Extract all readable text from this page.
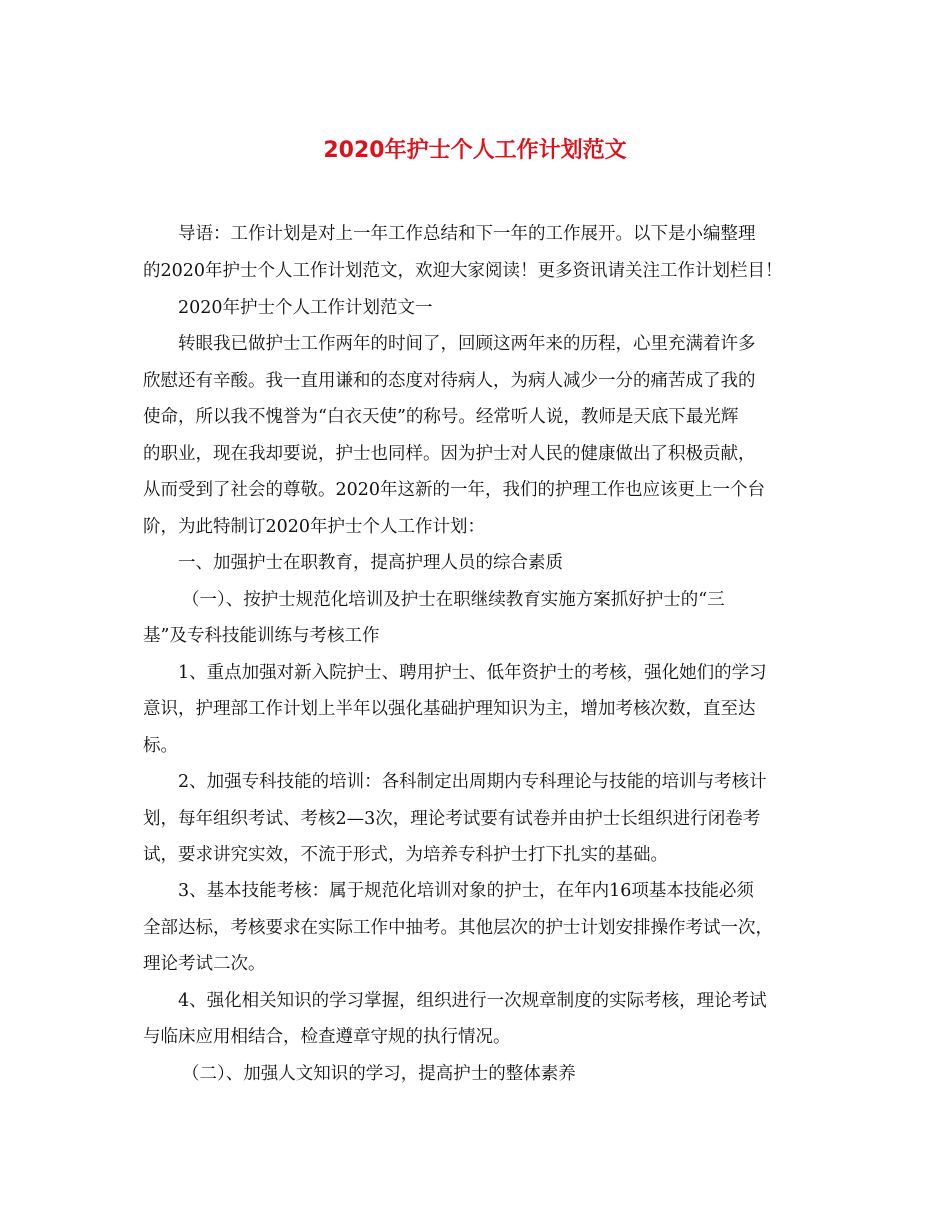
2020年护士个人工作计划范文
导语：工作计划是对上一年工作总结和下一年的工作展开。以下是小编整理
的2020年护士个人工作计划范文，欢迎大家阅读！更多资讯请关注工作计划栏目！
2020年护士个人工作计划范文一
转眼我已做护士工作两年的时间了，回顾这两年来的历程，心里充满着许多
欣慰还有辛酸。我一直用谦和的态度对待病人，为病人减少一分的痛苦成了我的
使命，所以我不愧誉为“白衣天使”的称号。经常听人说，教师是天底下最光辉
的职业，现在我却要说，护士也同样。因为护士对人民的健康做出了积极贡献，
从而受到了社会的尊敬。2020年这新的一年，我们的护理工作也应该更上一个台
阶，为此特制订2020年护士个人工作计划：
一、加强护士在职教育，提高护理人员的综合素质
（一）、按护士规范化培训及护士在职继续教育实施方案抓好护士的“三
基”及专科技能训练与考核工作
1、重点加强对新入院护士、聘用护士、低年资护士的考核，强化她们的学习
意识，护理部工作计划上半年以强化基础护理知识为主，增加考核次数，直至达
标。
2、加强专科技能的培训：各科制定出周期内专科理论与技能的培训与考核计
划，每年组织考试、考核2—3次，理论考试要有试卷并由护士长组织进行闭卷考
试，要求讲究实效，不流于形式，为培养专科护士打下扎实的基础。
3、基本技能考核：属于规范化培训对象的护士，在年内16项基本技能必须
全部达标，考核要求在实际工作中抽考。其他层次的护士计划安排操作考试一次，
理论考试二次。
4、强化相关知识的学习掌握，组织进行一次规章制度的实际考核，理论考试
与临床应用相结合，检查遵章守规的执行情况。
（二）、加强人文知识的学习，提高护士的整体素养
